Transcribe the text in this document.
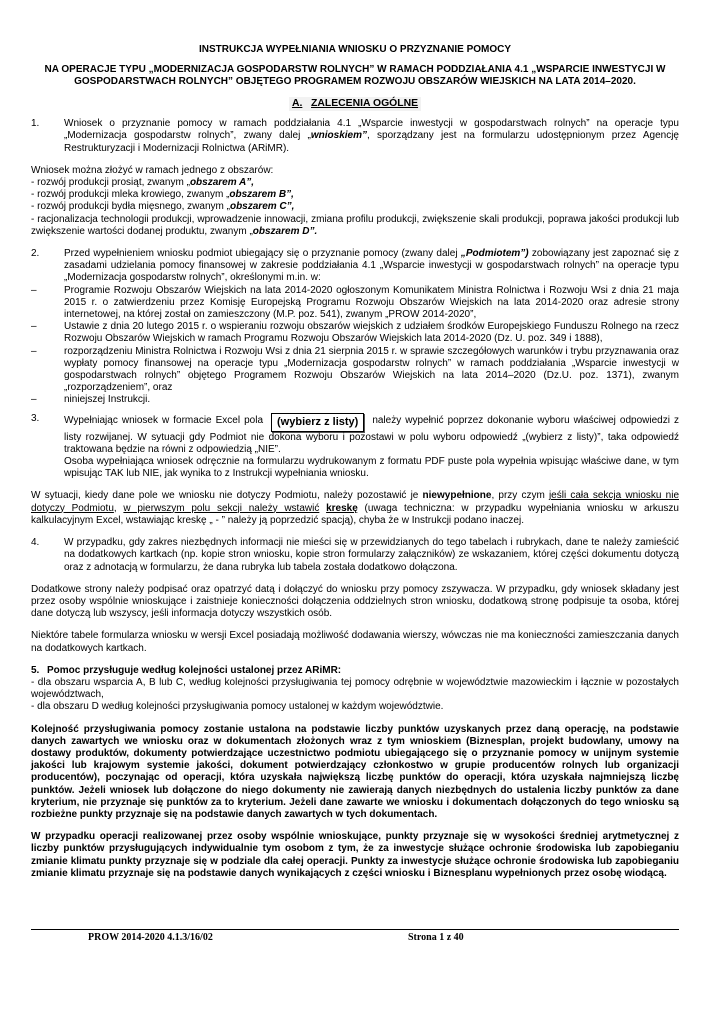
INSTRUKCJA WYPEŁNIANIA WNIOSKU O PRZYZNANIE POMOCY

NA OPERACJE TYPU „MODERNIZACJA GOSPODARSTW ROLNYCH” W RAMACH PODDZIAŁANIA 4.1 „WSPARCIE INWESTYCJI W GOSPODARSTWACH ROLNYCH” OBJĘTEGO PROGRAMEM ROZWOJU OBSZARÓW WIEJSKICH NA LATA 2014–2020.

A. ZALECENIA OGÓLNE
1.	Wniosek o przyznanie pomocy w ramach poddziałania 4.1 „Wsparcie inwestycji w gospodarstwach rolnych” na operacje typu „Modernizacja gospodarstw rolnych”, zwany dalej „wnioskiem”, sporządzany jest na formularzu udostępnionym przez Agencję Restrukturyzacji i Modernizacji Rolnictwa (ARiMR).

Wniosek można złożyć w ramach jednego z obszarów:

- rozwój produkcji prosiąt, zwanym „obszarem A”,

- rozwój produkcji mleka krowiego, zwanym „obszarem B”,

- rozwój produkcji bydła mięsnego, zwanym „obszarem C”,

- racjonalizacja technologii produkcji, wprowadzenie innowacji, zmiana profilu produkcji, zwiększenie skali produkcji, poprawa jakości produkcji lub zwiększenie wartości dodanej produktu, zwanym „obszarem D”.

2.	Przed wypełnieniem wniosku podmiot ubiegający się o przyznanie pomocy (zwany dalej „Podmiotem”) zobowiązany jest zapoznać się z zasadami udzielania pomocy finansowej w zakresie poddziałania 4.1 „Wsparcie inwestycji w gospodarstwach rolnych” na operacje typu „Modernizacja gospodarstw rolnych”, określonymi m.in. w:
–	Programie Rozwoju Obszarów Wiejskich na lata 2014-2020 ogłoszonym Komunikatem Ministra Rolnictwa i Rozwoju Wsi z dnia 21 maja 2015 r. o zatwierdzeniu przez Komisję Europejską Programu Rozwoju Obszarów Wiejskich na lata 2014-2020 oraz adresie strony internetowej, na której został on zamieszczony (M.P. poz. 541), zwanym „PROW 2014-2020”,
–	Ustawie z dnia 20 lutego 2015 r. o wspieraniu rozwoju obszarów wiejskich z udziałem środków Europejskiego Funduszu Rolnego na rzecz Rozwoju Obszarów Wiejskich w ramach Programu Rozwoju Obszarów Wiejskich lata 2014-2020 (Dz. U. poz. 349 i 1888),
–	rozporządzeniu Ministra Rolnictwa i Rozwoju Wsi z dnia 21 sierpnia 2015 r. w sprawie szczegółowych warunków i trybu przyznawania oraz wypłaty pomocy finansowej na operacje typu „Modernizacja gospodarstw rolnych” w ramach poddziałania „Wsparcie inwestycji w gospodarstwach rolnych” objętego Programem Rozwoju Obszarów Wiejskich na lata 2014–2020 (Dz.U. poz. 1371), zwanym „rozporządzeniem”, oraz
–	niniejszej Instrukcji.
3.	Wypełniając wniosek w formacie Excel pola (wybierz z listy) należy wypełnić poprzez dokonanie wyboru właściwej odpowiedzi z listy rozwijanej. W sytuacji gdy Podmiot nie dokona wyboru i pozostawi w polu wyboru odpowiedź „(wybierz z listy)”, taka odpowiedź traktowana będzie na równi z odpowiedzią „NIE”.
Osoba wypełniająca wniosek odręcznie na formularzu wydrukowanym z formatu PDF puste pola wypełnia wpisując właściwe dane, w tym wpisując TAK lub NIE, jak wynika to z Instrukcji wypełniania wniosku.

W sytuacji, kiedy dane pole we wniosku nie dotyczy Podmiotu, należy pozostawić je niewypełnione, przy czym jeśli cała sekcja wniosku nie dotyczy Podmiotu, w pierwszym polu sekcji należy wstawić kreskę (uwaga techniczna: w przypadku wypełniania wniosku w arkuszu kalkulacyjnym Excel, wstawiając kreskę „ - ” należy ją poprzedzić spacją), chyba że w Instrukcji podano inaczej.

4.	W przypadku, gdy zakres niezbędnych informacji nie mieści się w przewidzianych do tego tabelach i rubrykach, dane te należy zamieścić na dodatkowych kartkach (np. kopie stron wniosku, kopie stron formularzy załączników) ze wskazaniem, której części dokumentu dotyczą oraz z adnotacją w formularzu, że dana rubryka lub tabela została dodatkowo dołączona.

Dodatkowe strony należy podpisać oraz opatrzyć datą i dołączyć do wniosku przy pomocy zszywacza. W przypadku, gdy wniosek składany jest przez osoby wspólnie wnioskujące i zaistnieje konieczności dołączenia oddzielnych stron wniosku, dodatkową stronę podpisuje ta osoba, której dane dotyczą lub wszyscy, jeśli informacja dotyczy wszystkich osób.

Niektóre tabele formularza wniosku w wersji Excel posiadają możliwość dodawania wierszy, wówczas nie ma konieczności zamieszczania danych na dodatkowych kartkach.

5. Pomoc przysługuje według kolejności ustalonej przez ARiMR:

- dla obszaru wsparcia A, B lub C, według kolejności przysługiwania tej pomocy odrębnie w województwie mazowieckim i łącznie w pozostałych województwach,

- dla obszaru D według kolejności przysługiwania pomocy ustalonej w każdym województwie.

Kolejność przysługiwania pomocy zostanie ustalona na podstawie liczby punktów uzyskanych przez daną operację, na podstawie danych zawartych we wniosku oraz w dokumentach złożonych wraz z tym wnioskiem (Biznesplan, projekt budowlany, umowy na dostawy produktów, dokumenty potwierdzające uczestnictwo podmiotu ubiegającego się o przyznanie pomocy w unijnym systemie jakości lub krajowym systemie jakości, dokument potwierdzający członkostwo w grupie producentów rolnych lub organizacji producentów), poczynając od operacji, która uzyskała największą liczbę punktów do operacji, która uzyskała najmniejszą liczbę punktów. Jeżeli wniosek lub dołączone do niego dokumenty nie zawierają danych niezbędnych do ustalenia liczby punktów za dane kryterium, nie przyznaje się punktów za to kryterium. Jeżeli dane zawarte we wniosku i dokumentach dołączonych do tego wniosku są rozbieżne punkty przyznaje się na podstawie danych zawartych w tych dokumentach.

W przypadku operacji realizowanej przez osoby wspólnie wnioskujące, punkty przyznaje się w wysokości średniej arytmetycznej z liczby punktów przysługujących indywidualnie tym osobom z tym, że za inwestycje służące ochronie środowiska lub zapobieganiu zmianie klimatu punkty przyznaje się w podziale dla całej operacji. Punkty za inwestycje służące ochronie środowiska lub zapobieganiu zmianie klimatu przyznaje się na podstawie danych wynikających z części wniosku i Biznesplanu wypełnionych przez osobę wiodącą.

PROW 2014-2020 4.1.3/16/02	Strona 1 z 40
